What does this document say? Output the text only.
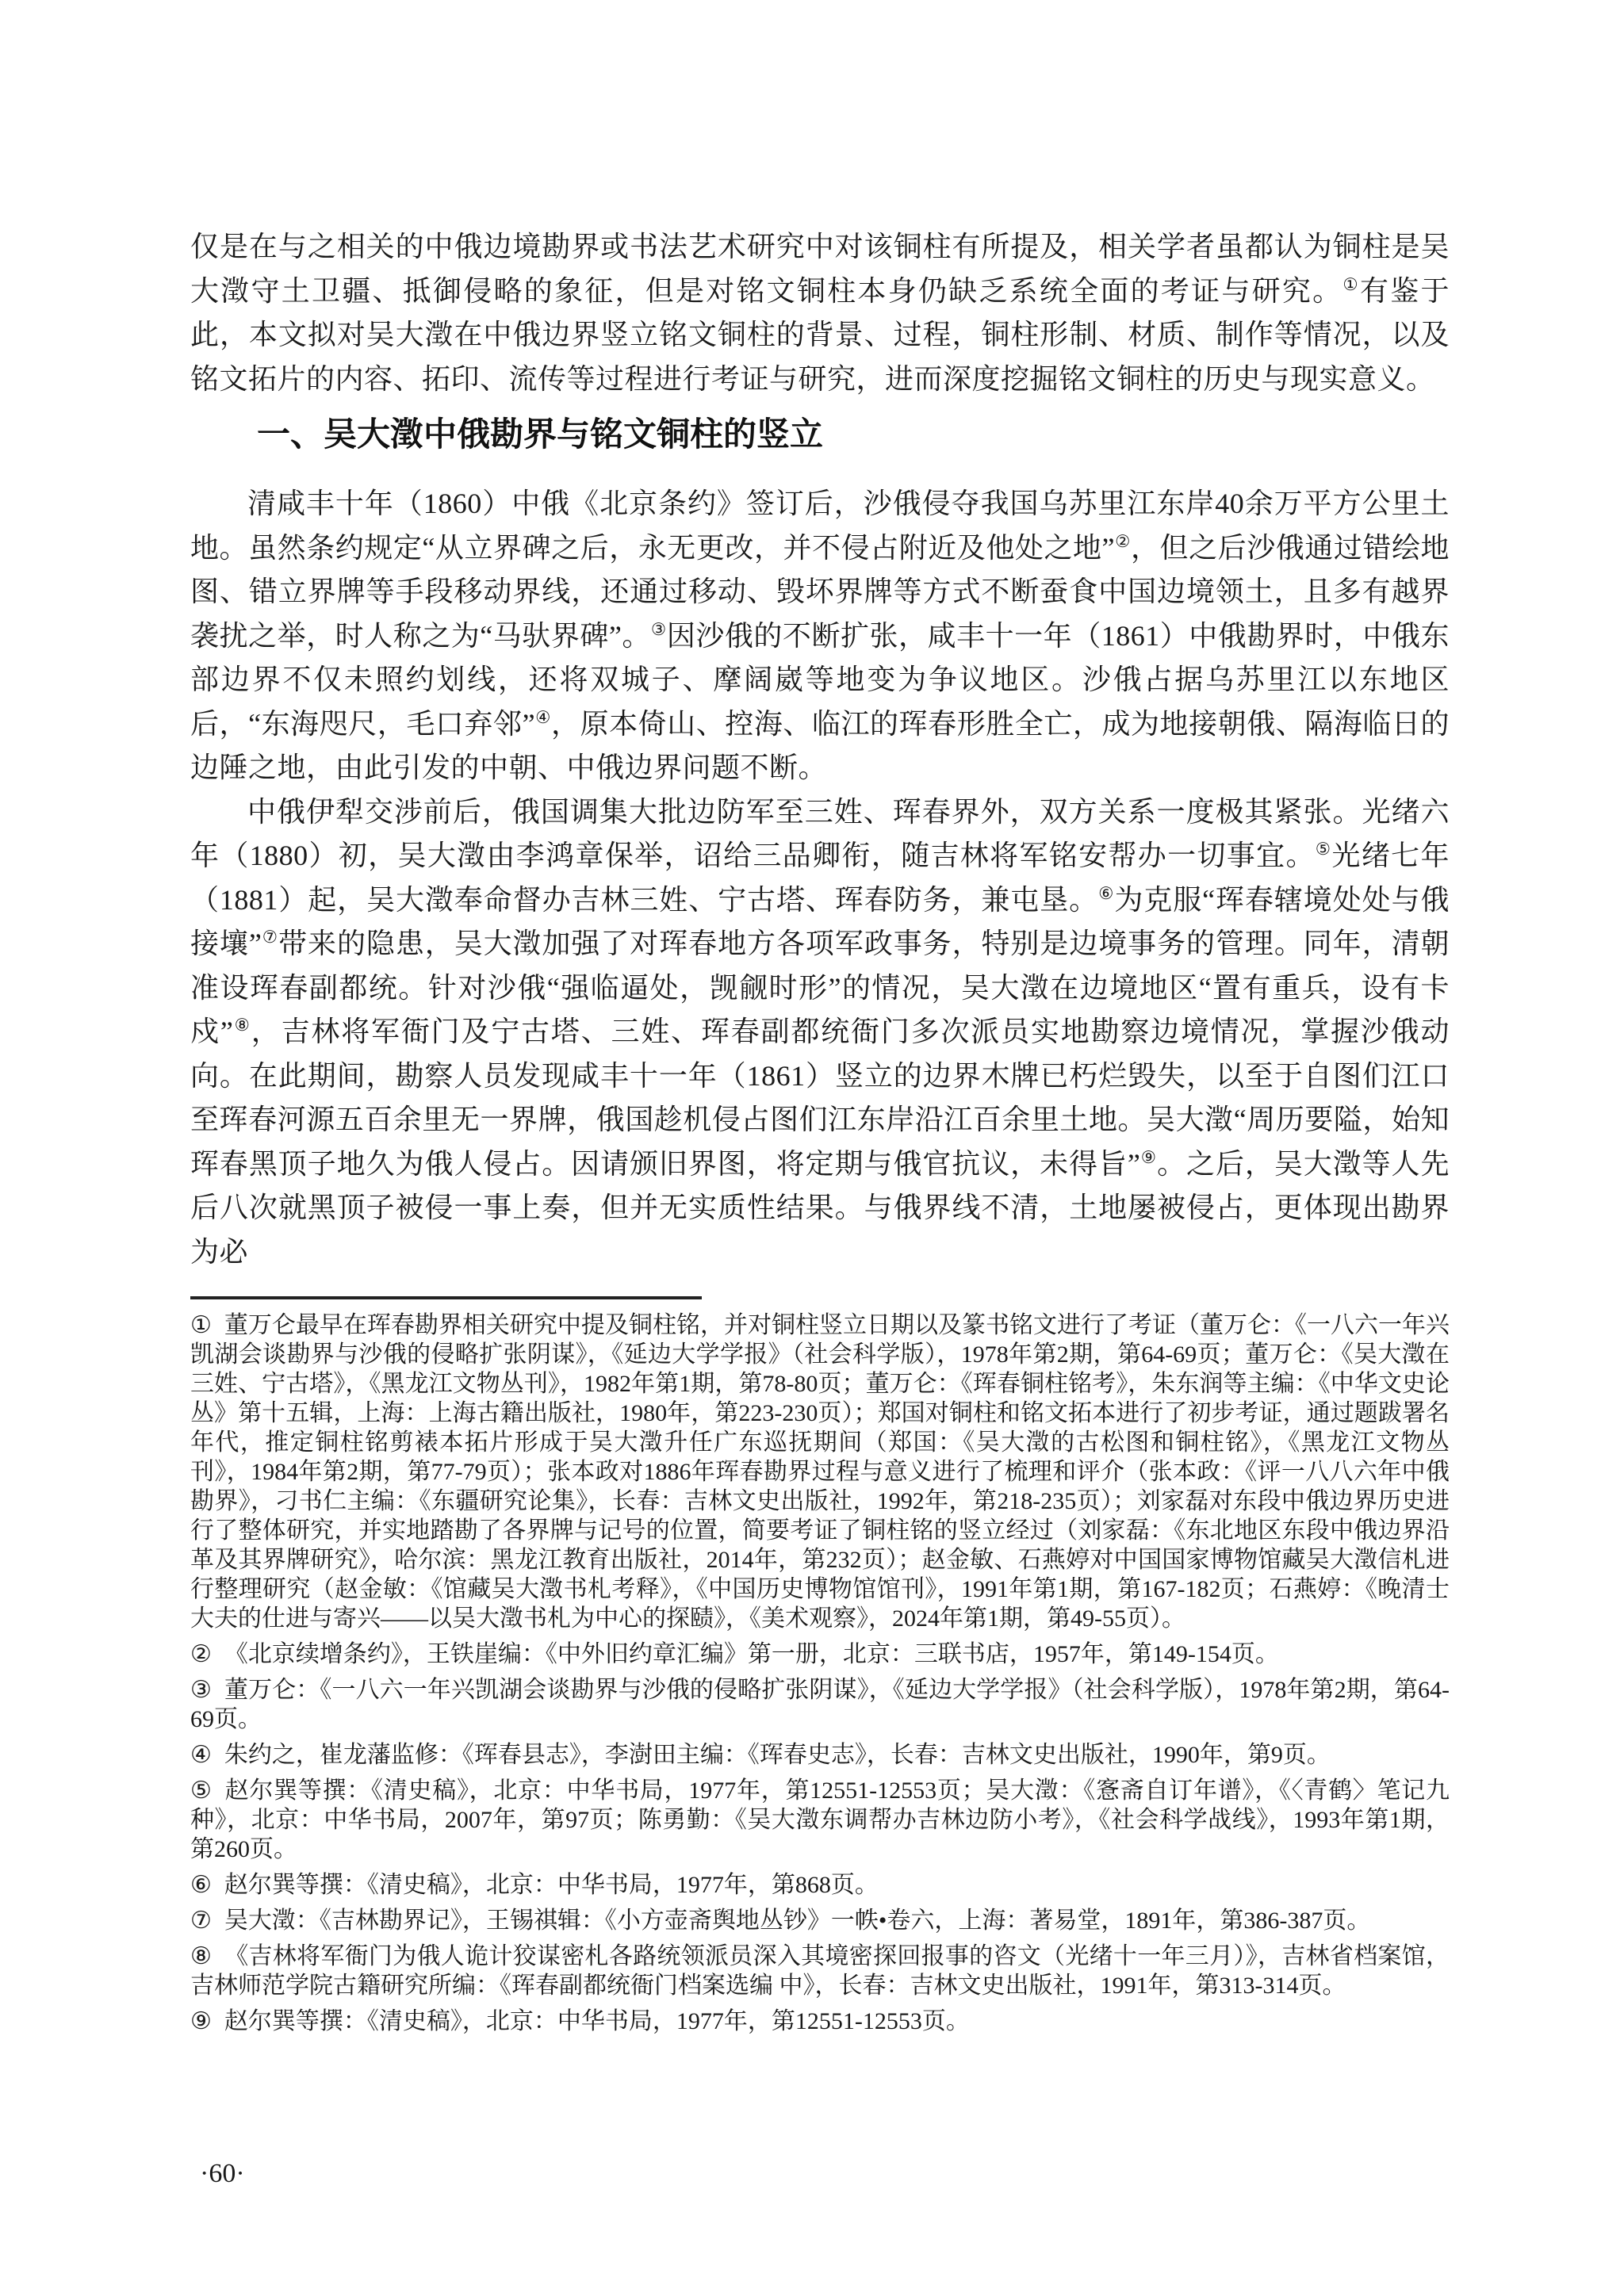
仅是在与之相关的中俄边境勘界或书法艺术研究中对该铜柱有所提及，相关学者虽都认为铜柱是吴大澂守土卫疆、抵御侵略的象征，但是对铭文铜柱本身仍缺乏系统全面的考证与研究。①有鉴于此，本文拟对吴大澂在中俄边界竖立铭文铜柱的背景、过程，铜柱形制、材质、制作等情况，以及铭文拓片的内容、拓印、流传等过程进行考证与研究，进而深度挖掘铭文铜柱的历史与现实意义。

一、吴大澂中俄勘界与铭文铜柱的竖立

清咸丰十年（1860）中俄《北京条约》签订后，沙俄侵夺我国乌苏里江东岸40余万平方公里土地。虽然条约规定“从立界碑之后，永无更改，并不侵占附近及他处之地”②，但之后沙俄通过错绘地图、错立界牌等手段移动界线，还通过移动、毁坏界牌等方式不断蚕食中国边境领土，且多有越界袭扰之举，时人称之为“马驮界碑”。③因沙俄的不断扩张，咸丰十一年（1861）中俄勘界时，中俄东部边界不仅未照约划线，还将双城子、摩阔崴等地变为争议地区。沙俄占据乌苏里江以东地区后，“东海咫尺，毛口弃邻”④，原本倚山、控海、临江的珲春形胜全亡，成为地接朝俄、隔海临日的边陲之地，由此引发的中朝、中俄边界问题不断。

中俄伊犁交涉前后，俄国调集大批边防军至三姓、珲春界外，双方关系一度极其紧张。光绪六年（1880）初，吴大澂由李鸿章保举，诏给三品卿衔，随吉林将军铭安帮办一切事宜。⑤光绪七年（1881）起，吴大澂奉命督办吉林三姓、宁古塔、珲春防务，兼屯垦。⑥为克服“珲春辖境处处与俄接壤”⑦带来的隐患，吴大澂加强了对珲春地方各项军政事务，特别是边境事务的管理。同年，清朝准设珲春副都统。针对沙俄“强临逼处，觊觎时形”的情况，吴大澂在边境地区“置有重兵，设有卡戍”⑧，吉林将军衙门及宁古塔、三姓、珲春副都统衙门多次派员实地勘察边境情况，掌握沙俄动向。在此期间，勘察人员发现咸丰十一年（1861）竖立的边界木牌已朽烂毁失，以至于自图们江口至珲春河源五百余里无一界牌，俄国趁机侵占图们江东岸沿江百余里土地。吴大澂“周历要隘，始知珲春黑顶子地久为俄人侵占。因请颁旧界图，将定期与俄官抗议，未得旨”⑨。之后，吴大澂等人先后八次就黑顶子被侵一事上奏，但并无实质性结果。与俄界线不清，土地屡被侵占，更体现出勘界为必

① 董万仑最早在珲春勘界相关研究中提及铜柱铭，并对铜柱竖立日期以及篆书铭文进行了考证（董万仑：《一八六一年兴凯湖会谈勘界与沙俄的侵略扩张阴谋》，《延边大学学报》（社会科学版），1978年第2期，第64-69页；董万仑：《吴大澂在三姓、宁古塔》，《黑龙江文物丛刊》，1982年第1期，第78-80页；董万仑：《珲春铜柱铭考》，朱东润等主编：《中华文史论丛》第十五辑，上海：上海古籍出版社，1980年，第223-230页）；郑国对铜柱和铭文拓本进行了初步考证，通过题跋署名年代，推定铜柱铭剪裱本拓片形成于吴大澂升任广东巡抚期间（郑国：《吴大澂的古松图和铜柱铭》，《黑龙江文物丛刊》，1984年第2期，第77-79页）；张本政对1886年珲春勘界过程与意义进行了梳理和评介（张本政：《评一八八六年中俄勘界》，刁书仁主编：《东疆研究论集》，长春：吉林文史出版社，1992年，第218-235页）；刘家磊对东段中俄边界历史进行了整体研究，并实地踏勘了各界牌与记号的位置，简要考证了铜柱铭的竖立经过（刘家磊：《东北地区东段中俄边界沿革及其界牌研究》，哈尔滨：黑龙江教育出版社，2014年，第232页）；赵金敏、石燕婷对中国国家博物馆藏吴大澂信札进行整理研究（赵金敏：《馆藏吴大澂书札考释》，《中国历史博物馆馆刊》，1991年第1期，第167-182页；石燕婷：《晚清士大夫的仕进与寄兴——以吴大澂书札为中心的探赜》，《美术观察》，2024年第1期，第49-55页）。
② 《北京续增条约》，王铁崖编：《中外旧约章汇编》第一册，北京：三联书店，1957年，第149-154页。
③ 董万仑：《一八六一年兴凯湖会谈勘界与沙俄的侵略扩张阴谋》，《延边大学学报》（社会科学版），1978年第2期，第64-69页。
④ 朱约之，崔龙藩监修：《珲春县志》，李澍田主编：《珲春史志》，长春：吉林文史出版社，1990年，第9页。
⑤ 赵尔巽等撰：《清史稿》，北京：中华书局，1977年，第12551-12553页；吴大澂：《愙斋自订年谱》，《〈青鹤〉笔记九种》，北京：中华书局，2007年，第97页；陈勇勤：《吴大澂东调帮办吉林边防小考》，《社会科学战线》，1993年第1期，第260页。
⑥ 赵尔巽等撰：《清史稿》，北京：中华书局，1977年，第868页。
⑦ 吴大澂：《吉林勘界记》，王锡祺辑：《小方壶斋舆地丛钞》一帙•卷六，上海：著易堂，1891年，第386-387页。
⑧ 《吉林将军衙门为俄人诡计狡谋密札各路统领派员深入其境密探回报事的咨文（光绪十一年三月）》，吉林省档案馆，吉林师范学院古籍研究所编：《珲春副都统衙门档案选编 中》，长春：吉林文史出版社，1991年，第313-314页。
⑨ 赵尔巽等撰：《清史稿》，北京：中华书局，1977年，第12551-12553页。
·60·
